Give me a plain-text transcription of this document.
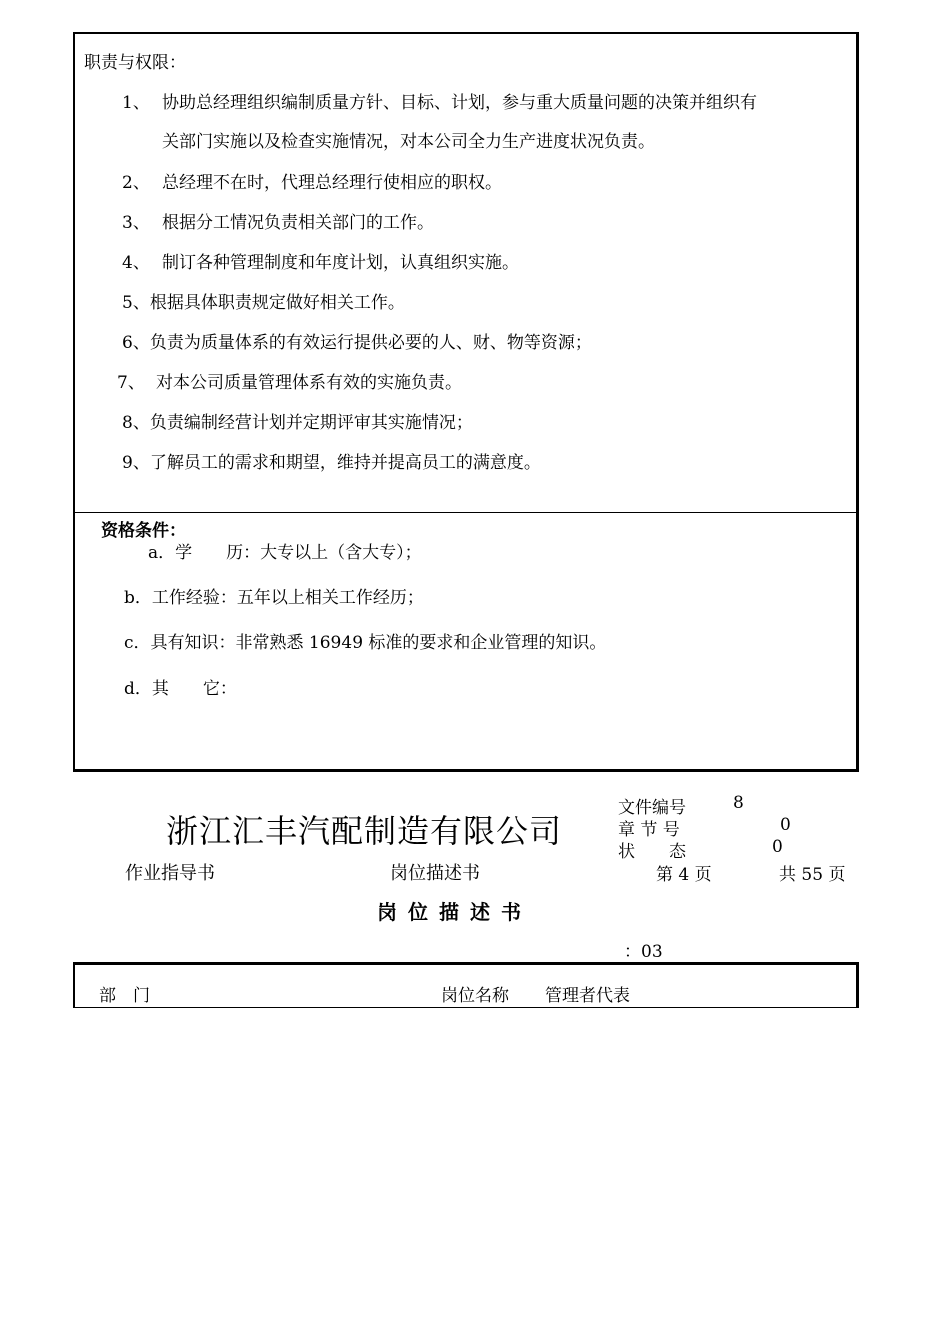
职责与权限：
1、 协助总经理组织编制质量方针、目标、计划，参与重大质量问题的决策并组织有
关部门实施以及检查实施情况，对本公司全力生产进度状况负责。
2、 总经理不在时，代理总经理行使相应的职权。
3、 根据分工情况负责相关部门的工作。
4、 制订各种管理制度和年度计划，认真组织实施。
5、根据具体职责规定做好相关工作。
6、负责为质量体系的有效运行提供必要的人、财、物等资源；
7、 对本公司质量管理体系有效的实施负责。
8、负责编制经营计划并定期评审其实施情况；
9、了解员工的需求和期望，维持并提高员工的满意度。
资格条件：
a．学　　历：大专以上（含大专）；
b．工作经验：五年以上相关工作经历；
c．具有知识：非常熟悉 16949 标准的要求和企业管理的知识。
d．其　　它：
浙江汇丰汽配制造有限公司
文件编号	8
章 节 号	0
状　　态	0
作业指导书	岗位描述书	第 4 页	共 55 页
岗位描述书
：03
部　门	岗位名称 管理者代表
